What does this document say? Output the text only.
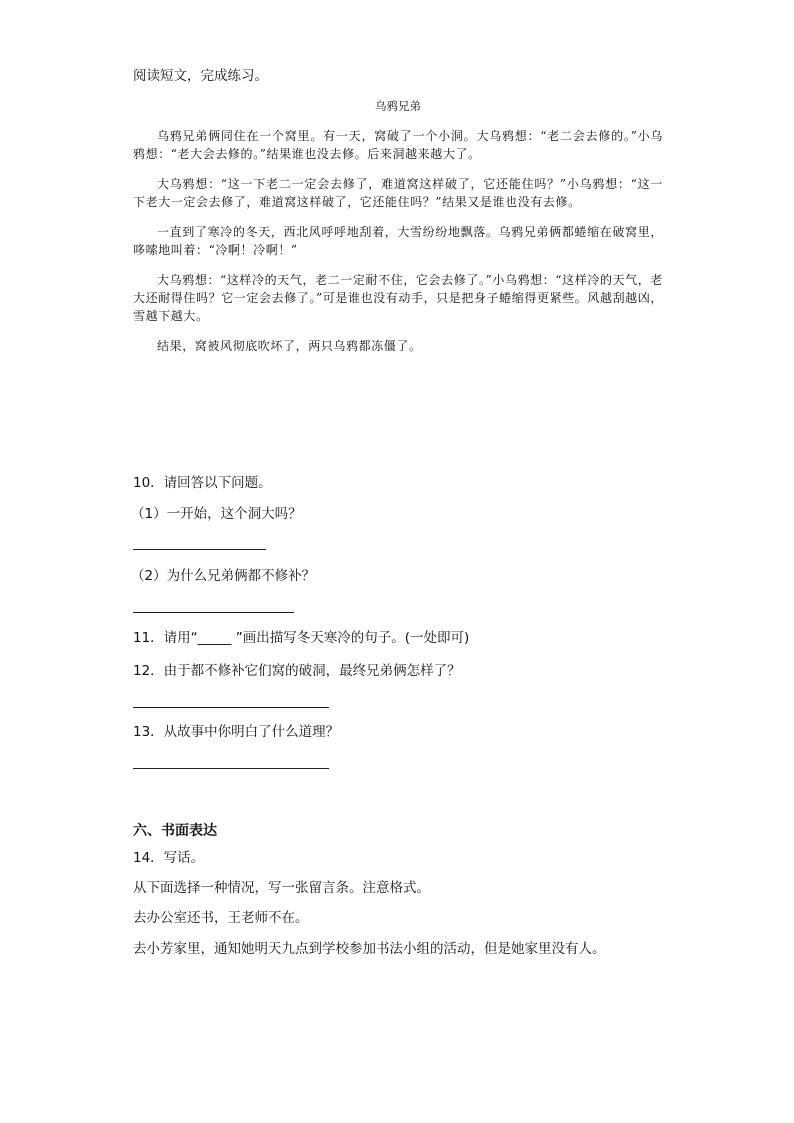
阅读短文，完成练习。
乌鸦兄弟

乌鸦兄弟俩同住在一个窝里。有一天，窝破了一个小洞。大乌鸦想：“老二会去修的。”小乌鸦想：“老大会去修的。”结果谁也没去修。后来洞越来越大了。

大乌鸦想：“这一下老二一定会去修了，难道窝这样破了，它还能住吗？”小乌鸦想：“这一下老大一定会去修了，难道窝这样破了，它还能住吗？”结果又是谁也没有去修。

一直到了寒冷的冬天，西北风呼呼地刮着，大雪纷纷地飘落。乌鸦兄弟俩都蜷缩在破窝里，哆嗦地叫着：“冷啊！冷啊！”

大乌鸦想：“这样冷的天气，老二一定耐不住，它会去修了。”小乌鸦想：“这样冷的天气，老大还耐得住吗？它一定会去修了。”可是谁也没有动手，只是把身子蜷缩得更紧些。风越刮越凶，雪越下越大。

结果，窝被风彻底吹坏了，两只乌鸦都冻僵了。

10．请回答以下问题。
（1）一开始，这个洞大吗？
（2）为什么兄弟俩都不修补？
11．请用“_____ ”画出描写冬天寒冷的句子。(一处即可)
12．由于都不修补它们窝的破洞，最终兄弟俩怎样了？
13．从故事中你明白了什么道理？
六、书面表达
14．写话。
从下面选择一种情况，写一张留言条。注意格式。
去办公室还书，王老师不在。
去小芳家里，通知她明天九点到学校参加书法小组的活动，但是她家里没有人。
